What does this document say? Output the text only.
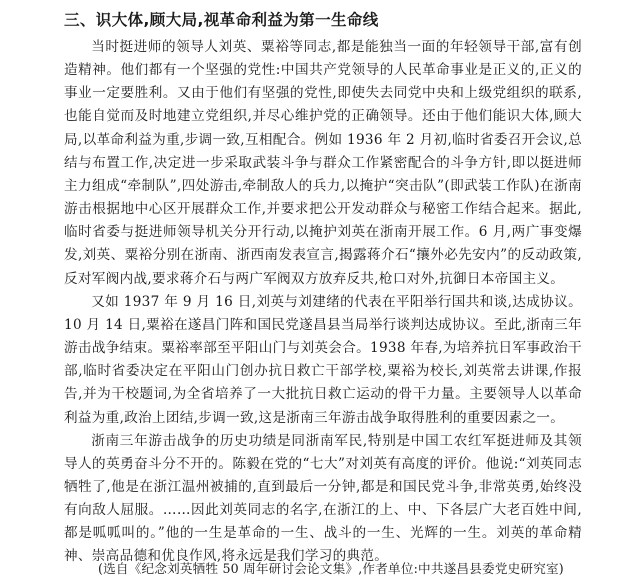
三、识大体,顾大局,视革命利益为第一生命线

当时挺进师的领导人刘英、粟裕等同志,都是能独当一面的年轻领导干部,富有创造精神。他们都有一个坚强的党性:中国共产党领导的人民革命事业是正义的,正义的事业一定要胜利。又由于他们有坚强的党性,即使失去同党中央和上级党组织的联系,也能自觉而及时地建立党组织,并尽心维护党的正确领导。还由于他们能识大体,顾大局,以革命利益为重,步调一致,互相配合。例如 1936 年 2 月初,临时省委召开会议,总结与布置工作,决定进一步采取武装斗争与群众工作紧密配合的斗争方针,即以挺进师主力组成“牵制队”,四处游击,牵制敌人的兵力,以掩护“突击队”(即武装工作队)在浙南游击根据地中心区开展群众工作,并要求把公开发动群众与秘密工作结合起来。据此,临时省委与挺进师领导机关分开行动,以掩护刘英在浙南开展工作。6 月,两广事变爆发,刘英、粟裕分别在浙南、浙西南发表宣言,揭露蒋介石“攘外必先安内”的反动政策,反对军阀内战,要求蒋介石与两广军阀双方放弃反共,枪口对外,抗御日本帝国主义。

又如 1937 年 9 月 16 日,刘英与刘建绪的代表在平阳举行国共和谈,达成协议。10 月 14 日,粟裕在遂昌门阵和国民党遂昌县当局举行谈判达成协议。至此,浙南三年游击战争结束。粟裕率部至平阳山门与刘英会合。1938 年春,为培养抗日军事政治干部,临时省委决定在平阳山门创办抗日救亡干部学校,粟裕为校长,刘英常去讲课,作报告,并为干校题词,为全省培养了一大批抗日救亡运动的骨干力量。主要领导人以革命利益为重,政治上团结,步调一致,这是浙南三年游击战争取得胜利的重要因素之一。

浙南三年游击战争的历史功绩是同浙南军民,特别是中国工农红军挺进师及其领导人的英勇奋斗分不开的。陈毅在党的“七大”对刘英有高度的评价。他说:“刘英同志牺牲了,他是在浙江温州被捕的,直到最后一分钟,都是和国民党斗争,非常英勇,始终没有向敌人屈服。……因此刘英同志的名字,在浙江的上、中、下各层广大老百姓中间,都是呱呱叫的。”他的一生是革命的一生、战斗的一生、光辉的一生。刘英的革命精神、崇高品德和优良作风,将永远是我们学习的典范。

(选自《纪念刘英牺牲 50 周年研讨会论文集》,作者单位:中共遂昌县委党史研究室)
